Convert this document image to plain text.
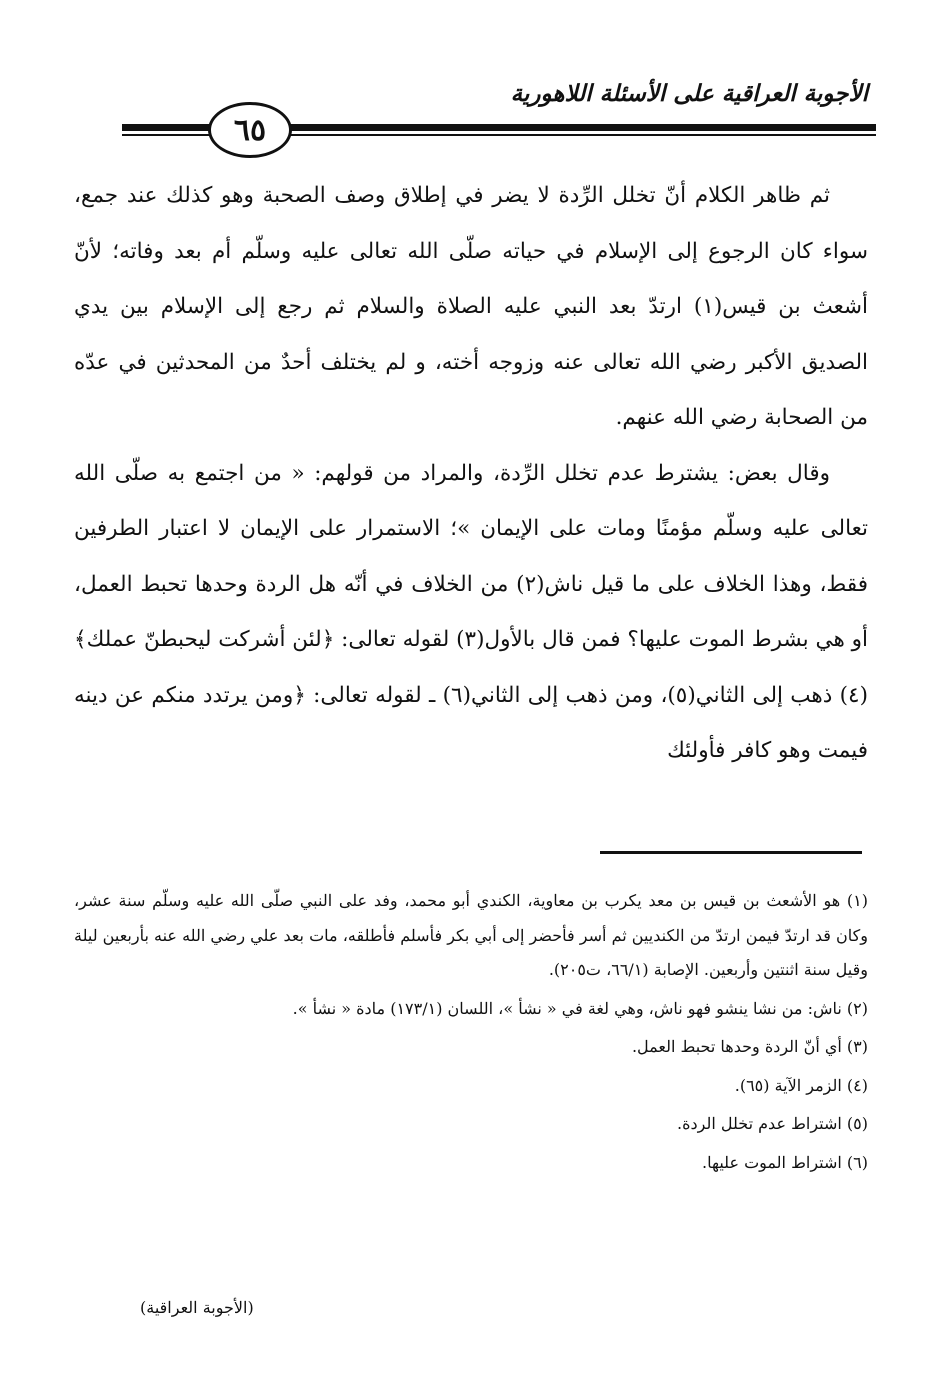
الأجوبة العراقية على الأسئلة اللاهورية
٦٥

ثم ظاهر الكلام أنّ تخلل الرِّدة لا يضر في إطلاق وصف الصحبة وهو كذلك عند جمع، سواء كان الرجوع إلى الإسلام في حياته صلّى الله تعالى عليه وسلّم أم بعد وفاته؛ لأنّ أشعث بن قيس(١) ارتدّ بعد النبي عليه الصلاة والسلام ثم رجع إلى الإسلام بين يدي الصديق الأكبر رضي الله تعالى عنه وزوجه أخته، و لم يختلف أحدٌ من المحدثين في عدّه من الصحابة رضي الله عنهم.

وقال بعض: يشترط عدم تخلل الرِّدة، والمراد من قولهم: « من اجتمع به صلّى الله تعالى عليه وسلّم مؤمنًا ومات على الإيمان »؛ الاستمرار على الإيمان لا اعتبار الطرفين فقط، وهذا الخلاف على ما قيل ناش(٢) من الخلاف في أنّه هل الردة وحدها تحبط العمل، أو هي بشرط الموت عليها؟ فمن قال بالأول(٣) لقوله تعالى: ﴿لئن أشركت ليحبطنّ عملك﴾(٤) ذهب إلى الثاني(٥)، ومن ذهب إلى الثاني(٦) ـ لقوله تعالى: ﴿ومن يرتدد منكم عن دينه فيمت وهو كافر فأولئك

(١) هو الأشعث بن قيس بن معد يكرب بن معاوية، الكندي أبو محمد، وفد على النبي صلّى الله عليه وسلّم سنة عشر، وكان قد ارتدّ فيمن ارتدّ من الكنديين ثم أسر فأحضر إلى أبي بكر فأسلم فأطلقه، مات بعد علي رضي الله عنه بأربعين ليلة وقيل سنة اثنتين وأربعين. الإصابة (٦٦/١، ت٢٠٥).

(٢) ناش: من نشا ينشو فهو ناش، وهي لغة في « نشأ »، اللسان (١٧٣/١) مادة « نشأ ».

(٣) أي أنّ الردة وحدها تحبط العمل.

(٤) الزمر الآية (٦٥).

(٥) اشتراط عدم تخلل الردة.

(٦) اشتراط الموت عليها.

(الأجوبة العراقية)
